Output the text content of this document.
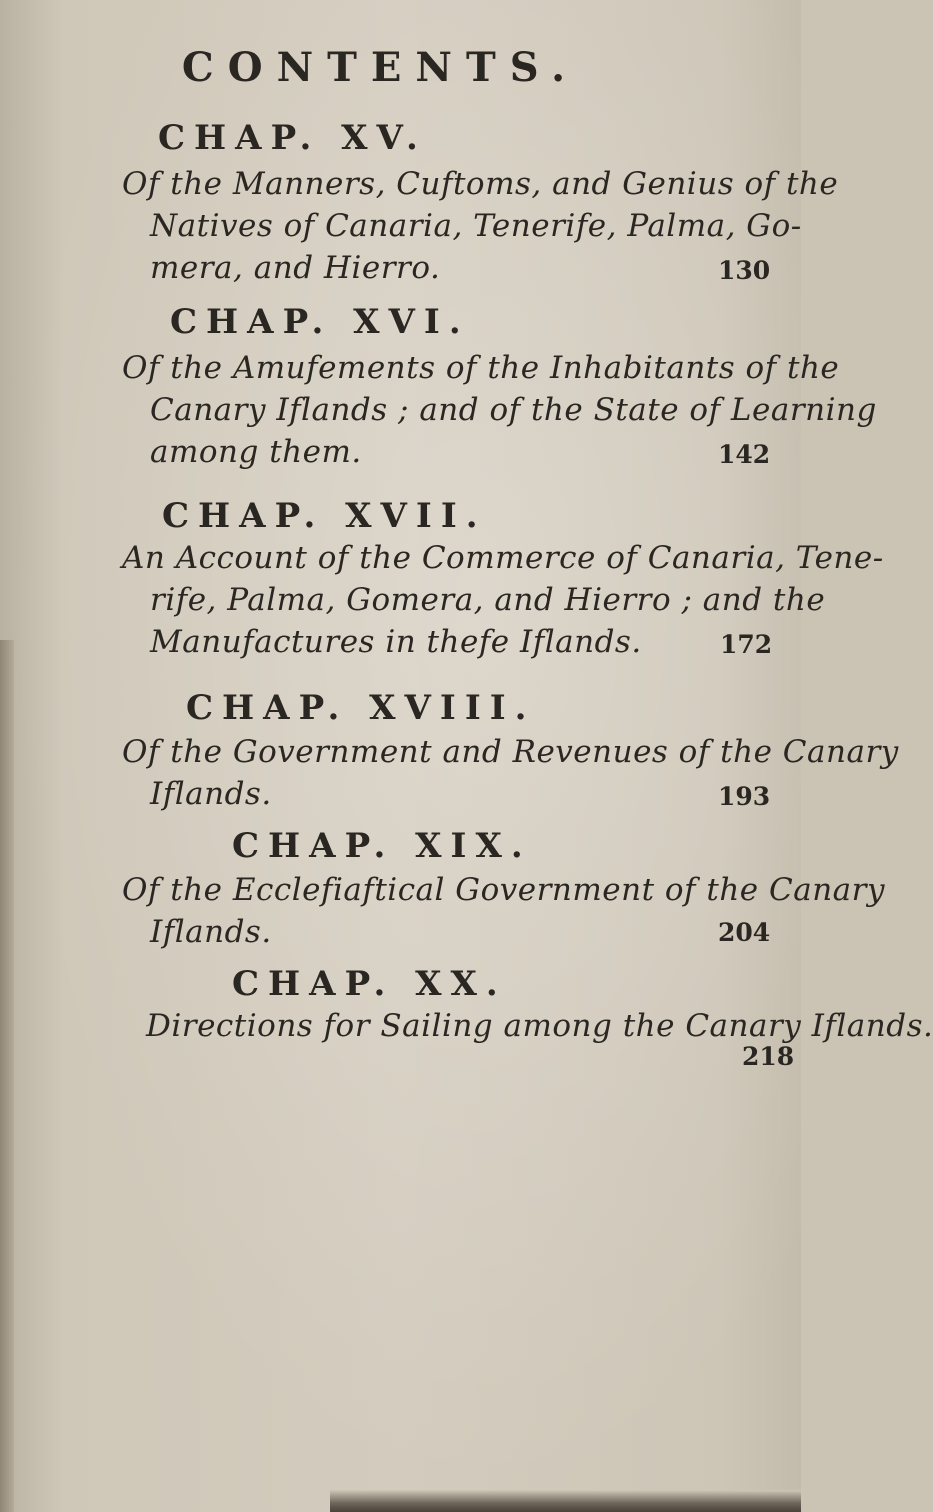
CONTENTS.
CHAP. XV.
Of the Manners, Cuftoms, and Genius of the
Natives of Canaria, Tenerife, Palma, Go-
mera, and Hierro.	130
CHAP. XVI.
Of the Amufements of the Inhabitants of the
Canary Iflands ; and of the State of Learning
among them.	142
CHAP. XVII.
An Account of the Commerce of Canaria, Tene-
rife, Palma, Gomera, and Hierro ; and the
Manufactures in thefe Iflands.	172
CHAP. XVIII.
Of the Government and Revenues of the Canary
Iflands.	193
CHAP. XIX.
Of the Ecclefiaftical Government of the Canary
Iflands.	204
CHAP. XX.
Directions for Sailing among the Canary Iflands.
218
